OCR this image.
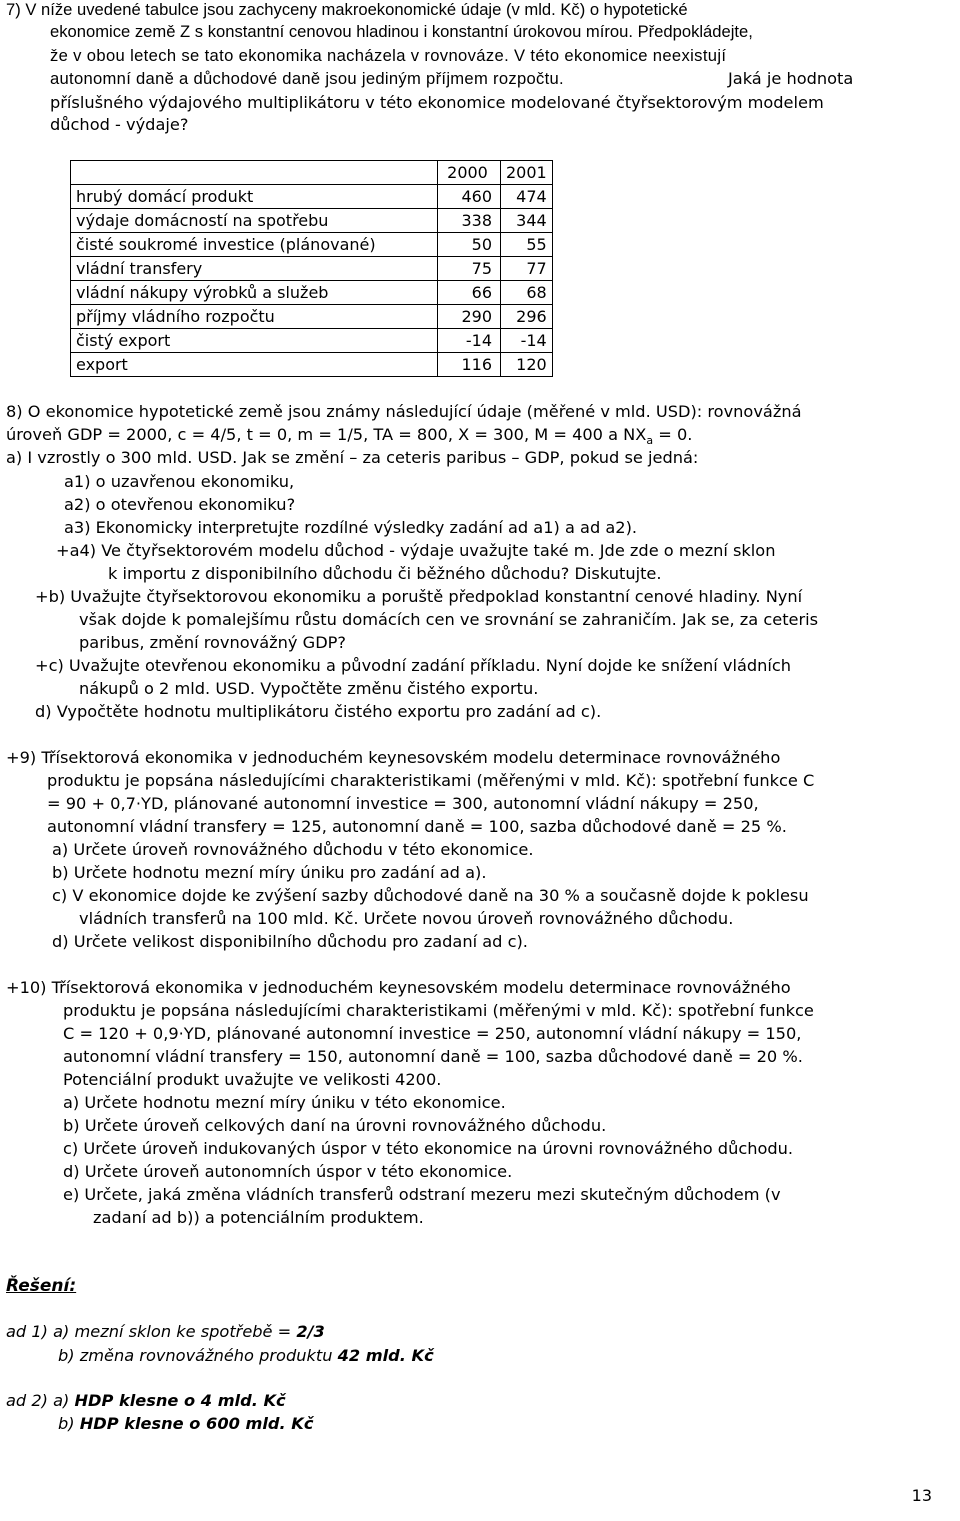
7) V níže uvedené tabulce jsou zachyceny makroekonomické údaje (v mld. Kč) o hypotetické
ekonomice země Z s konstantní cenovou hladinou i konstantní úrokovou mírou. Předpokládejte,
že v obou letech se tato ekonomika nacházela v rovnováze. V této ekonomice neexistují
autonomní daně a důchodové daně jsou jediným příjmem rozpočtu.	Jaká je hodnota
příslušného výdajového multiplikátoru v této ekonomice modelované čtyřsektorovým modelem
důchod - výdaje?
	2000	2001
hrubý domácí produkt	460	474
výdaje domácností na spotřebu	338	344
čisté soukromé investice (plánované)	50	55
vládní transfery	75	77
vládní nákupy výrobků a služeb	66	68
příjmy vládního rozpočtu	290	296
čistý export	-14	-14
export	116	120
8) O ekonomice hypotetické země jsou známy následující údaje (měřené v mld. USD): rovnovážná
úroveň GDP = 2000, c = 4/5, t = 0, m = 1/5, TA = 800, X = 300, M = 400 a $NX_a = 0$.
a) I vzrostly o 300 mld. USD. Jak se změní – za ceteris paribus – GDP, pokud se jedná:
a1) o uzavřenou ekonomiku,
a2) o otevřenou ekonomiku?
a3) Ekonomicky interpretujte rozdílné výsledky zadání ad a1) a ad a2).
+a4) Ve čtyřsektorovém modelu důchod - výdaje uvažujte také m. Jde zde o mezní sklon
k importu z disponibilního důchodu či běžného důchodu? Diskutujte.
+b) Uvažujte čtyřsektorovou ekonomiku a poruště předpoklad konstantní cenové hladiny. Nyní
však dojde k pomalejšímu růstu domácích cen ve srovnání se zahraničím. Jak se, za ceteris
paribus, změní rovnovážný GDP?
+c) Uvažujte otevřenou ekonomiku a původní zadání příkladu. Nyní dojde ke snížení vládních
nákupů o 2 mld. USD. Vypočtěte změnu čistého exportu.
d) Vypočtěte hodnotu multiplikátoru čistého exportu pro zadání ad c).
+9) Třísektorová ekonomika v jednoduchém keynesovském modelu determinace rovnovážného
produktu je popsána následujícími charakteristikami (měřenými v mld. Kč): spotřební funkce C
= 90 + 0,7·YD, plánované autonomní investice = 300, autonomní vládní nákupy = 250,
autonomní vládní transfery = 125, autonomní daně = 100, sazba důchodové daně = 25 %.
a) Určete úroveň rovnovážného důchodu v této ekonomice.
b) Určete hodnotu mezní míry úniku pro zadání ad a).
c) V ekonomice dojde ke zvýšení sazby důchodové daně na 30 % a současně dojde k poklesu
vládních transferů na 100 mld. Kč. Určete novou úroveň rovnovážného důchodu.
d) Určete velikost disponibilního důchodu pro zadaní ad c).
+10) Třísektorová ekonomika v jednoduchém keynesovském modelu determinace rovnovážného
produktu je popsána následujícími charakteristikami (měřenými v mld. Kč): spotřební funkce
C = 120 + 0,9·YD, plánované autonomní investice = 250, autonomní vládní nákupy = 150,
autonomní vládní transfery = 150, autonomní daně = 100, sazba důchodové daně = 20 %.
Potenciální produkt uvažujte ve velikosti 4200.
a) Určete hodnotu mezní míry úniku v této ekonomice.
b) Určete úroveň celkových daní na úrovni rovnovážného důchodu.
c) Určete úroveň indukovaných úspor v této ekonomice na úrovni rovnovážného důchodu.
d) Určete úroveň autonomních úspor v této ekonomice.
e) Určete, jaká změna vládních transferů odstraní mezeru mezi skutečným důchodem (v
zadaní ad b)) a potenciálním produktem.
Řešení:
ad 1) a) mezní sklon ke spotřebě = 2/3
b) změna rovnovážného produktu 42 mld. Kč
ad 2) a) HDP klesne o 4 mld. Kč
b) HDP klesne o 600 mld. Kč
13
